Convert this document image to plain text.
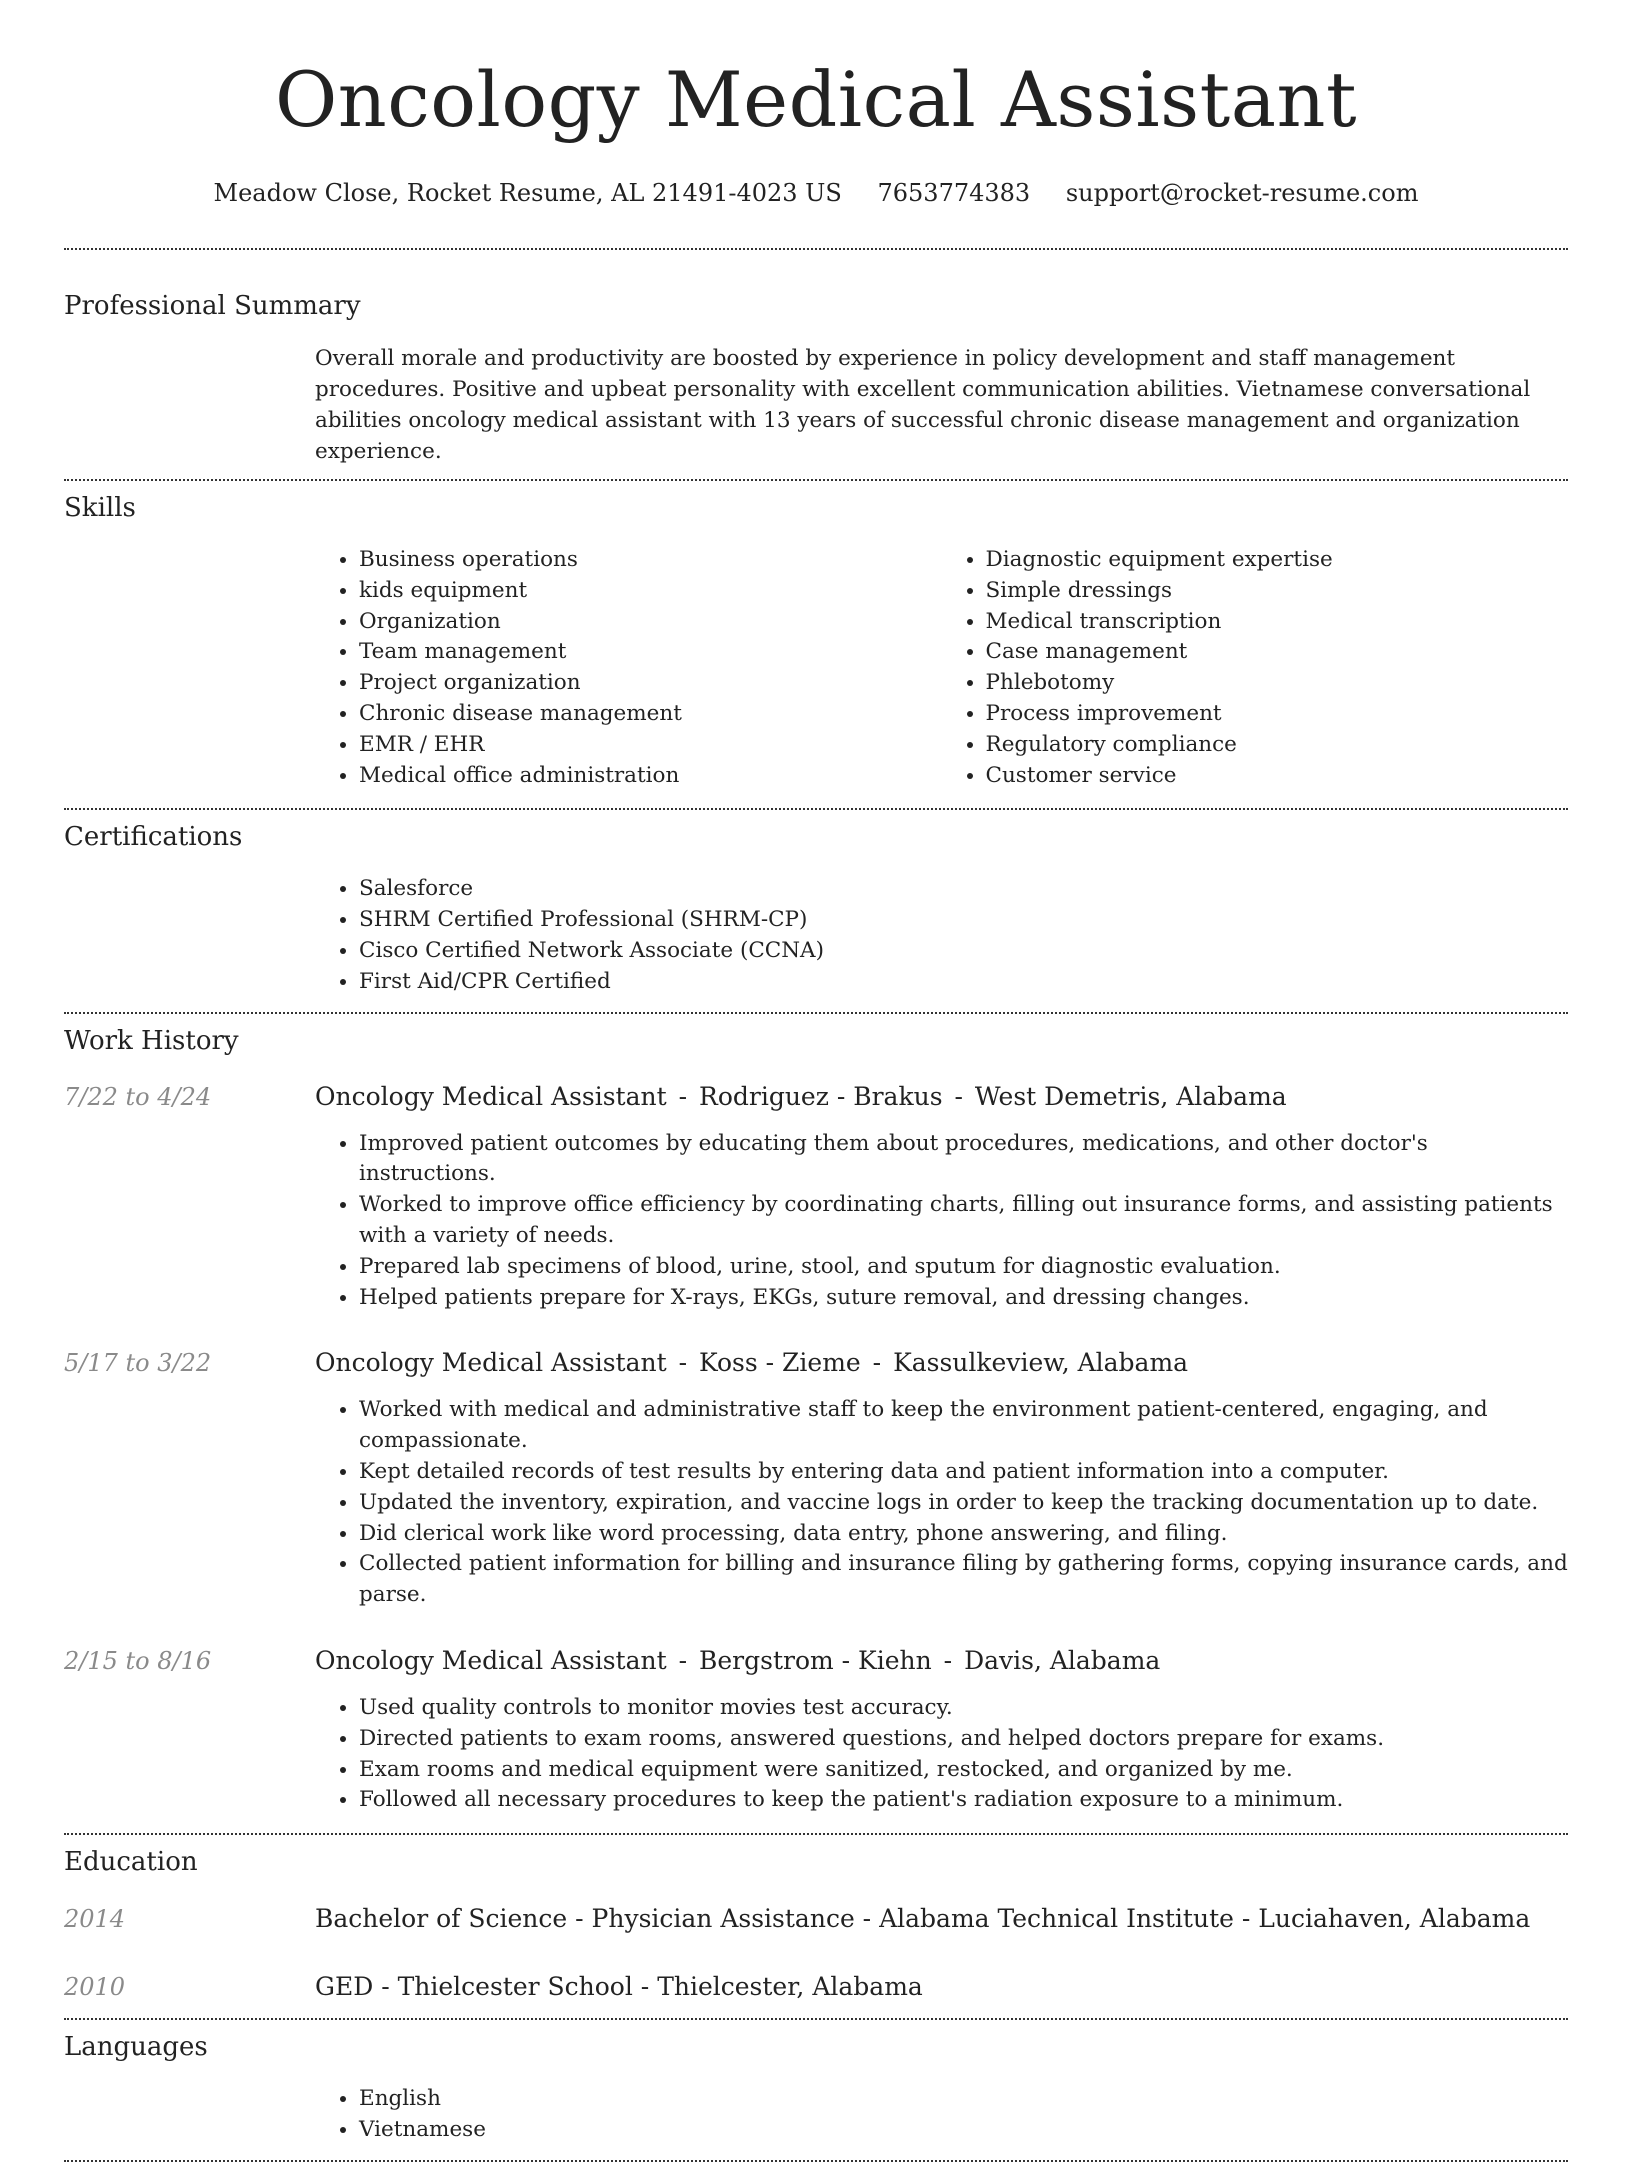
Oncology Medical Assistant
Meadow Close, Rocket Resume, AL 21491-4023 US 7653774383 support@rocket-resume.com
Professional Summary
Overall morale and productivity are boosted by experience in policy development and staff management procedures. Positive and upbeat personality with excellent communication abilities. Vietnamese conversational abilities oncology medical assistant with 13 years of successful chronic disease management and organization experience.
Skills
• Business operations
• kids equipment
• Organization
• Team management
• Project organization
• Chronic disease management
• EMR / EHR
• Medical office administration
• Diagnostic equipment expertise
• Simple dressings
• Medical transcription
• Case management
• Phlebotomy
• Process improvement
• Regulatory compliance
• Customer service
Certifications
• Salesforce
• SHRM Certified Professional (SHRM-CP)
• Cisco Certified Network Associate (CCNA)
• First Aid/CPR Certified
Work History
7/22 to 4/24	Oncology Medical Assistant - Rodriguez - Brakus - West Demetris, Alabama
• Improved patient outcomes by educating them about procedures, medications, and other doctor's instructions.
• Worked to improve office efficiency by coordinating charts, filling out insurance forms, and assisting patients with a variety of needs.
• Prepared lab specimens of blood, urine, stool, and sputum for diagnostic evaluation.
• Helped patients prepare for X-rays, EKGs, suture removal, and dressing changes.
5/17 to 3/22	Oncology Medical Assistant - Koss - Zieme - Kassulkeview, Alabama
• Worked with medical and administrative staff to keep the environment patient-centered, engaging, and compassionate.
• Kept detailed records of test results by entering data and patient information into a computer.
• Updated the inventory, expiration, and vaccine logs in order to keep the tracking documentation up to date.
• Did clerical work like word processing, data entry, phone answering, and filing.
• Collected patient information for billing and insurance filing by gathering forms, copying insurance cards, and parse.
2/15 to 8/16	Oncology Medical Assistant - Bergstrom - Kiehn - Davis, Alabama
• Used quality controls to monitor movies test accuracy.
• Directed patients to exam rooms, answered questions, and helped doctors prepare for exams.
• Exam rooms and medical equipment were sanitized, restocked, and organized by me.
• Followed all necessary procedures to keep the patient's radiation exposure to a minimum.
Education
2014	Bachelor of Science - Physician Assistance - Alabama Technical Institute - Luciahaven, Alabama
2010	GED - Thielcester School - Thielcester, Alabama
Languages
• English
• Vietnamese
